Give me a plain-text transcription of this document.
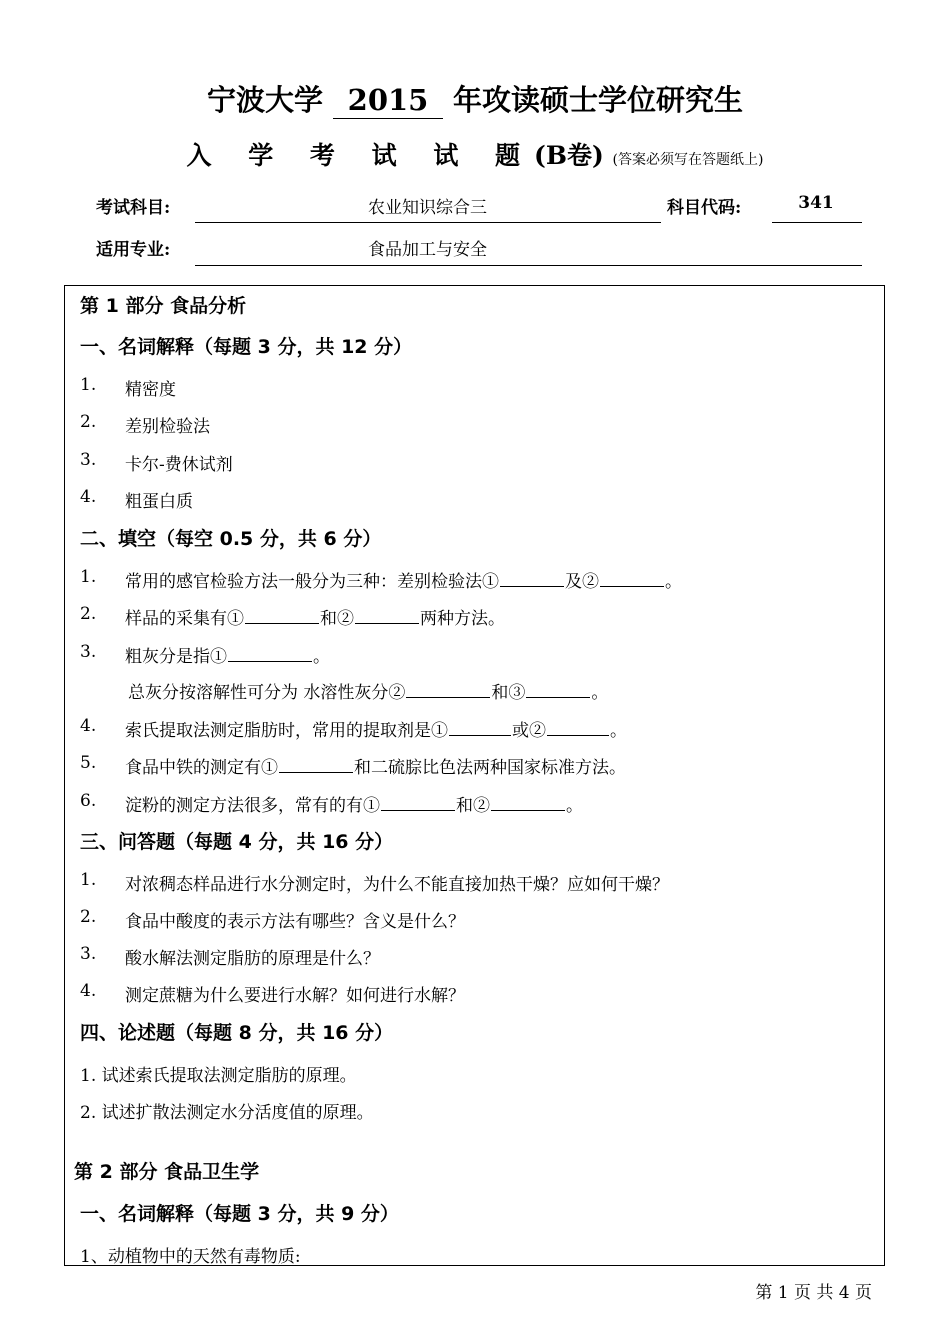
宁波大学 2015 年攻读硕士学位研究生
入 学 考 试 试 题(B卷) (答案必须写在答题纸上)
考试科目:	农业知识综合三	科目代码:	341
适用专业:	食品加工与安全
第 1 部分 食品分析
一、名词解释（每题 3 分，共 12 分）
1. 精密度
2. 差别检验法
3. 卡尔-费休试剂
4. 粗蛋白质
二、填空（每空 0.5 分，共 6 分）
1. 常用的感官检验方法一般分为三种：差别检验法①	及②	。
2. 样品的采集有①	和②	两种方法。
3. 粗灰分是指①	。
总灰分按溶解性可分为 水溶性灰分②	和③	。
4. 索氏提取法测定脂肪时，常用的提取剂是①	或②	。
5. 食品中铁的测定有①	和二硫腙比色法两种国家标准方法。
6. 淀粉的测定方法很多，常有的有①	和②	。
三、问答题（每题 4 分，共 16 分）
1. 对浓稠态样品进行水分测定时，为什么不能直接加热干燥？应如何干燥？
2. 食品中酸度的表示方法有哪些？含义是什么？
3. 酸水解法测定脂肪的原理是什么？
4. 测定蔗糖为什么要进行水解？如何进行水解？
四、论述题（每题 8 分，共 16 分）
1. 试述索氏提取法测定脂肪的原理。
2. 试述扩散法测定水分活度值的原理。
第 2 部分 食品卫生学
一、名词解释（每题 3 分，共 9 分）
1、动植物中的天然有毒物质:
第 1 页 共 4 页
